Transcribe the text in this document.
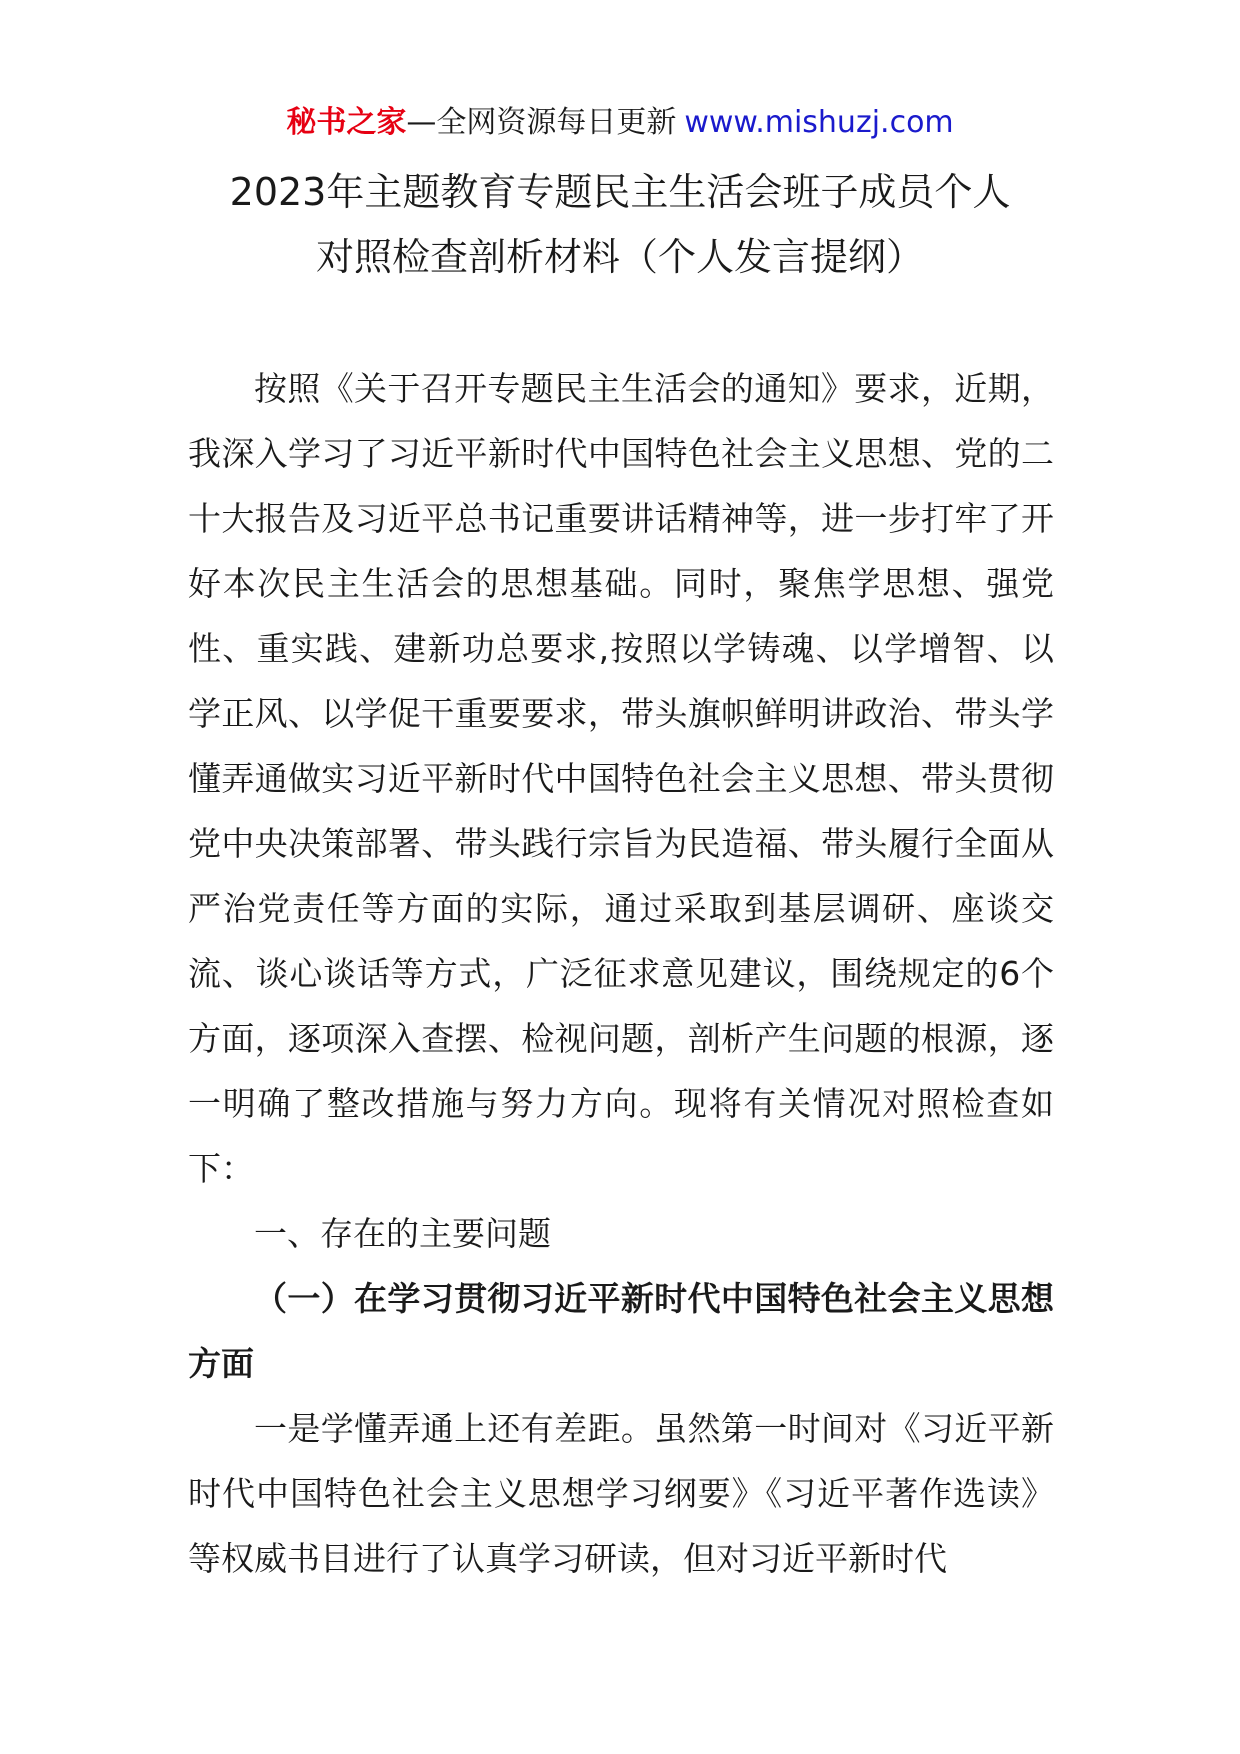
秘书之家—全网资源每日更新 www.mishuzj.com
2023年主题教育专题民主生活会班子成员个人
对照检查剖析材料（个人发言提纲）

按照《关于召开专题民主生活会的通知》要求，近期，我深入学习了习近平新时代中国特色社会主义思想、党的二十大报告及习近平总书记重要讲话精神等，进一步打牢了开好本次民主生活会的思想基础。同时，聚焦学思想、强党性、重实践、建新功总要求,按照以学铸魂、以学增智、以学正风、以学促干重要要求，带头旗帜鲜明讲政治、带头学懂弄通做实习近平新时代中国特色社会主义思想、带头贯彻党中央决策部署、带头践行宗旨为民造福、带头履行全面从严治党责任等方面的实际，通过采取到基层调研、座谈交流、谈心谈话等方式，广泛征求意见建议，围绕规定的6个方面，逐项深入查摆、检视问题，剖析产生问题的根源，逐一明确了整改措施与努力方向。现将有关情况对照检查如下：

一、存在的主要问题

（一）在学习贯彻习近平新时代中国特色社会主义思想方面

一是学懂弄通上还有差距。虽然第一时间对《习近平新时代中国特色社会主义思想学习纲要》《习近平著作选读》等权威书目进行了认真学习研读，但对习近平新时代
